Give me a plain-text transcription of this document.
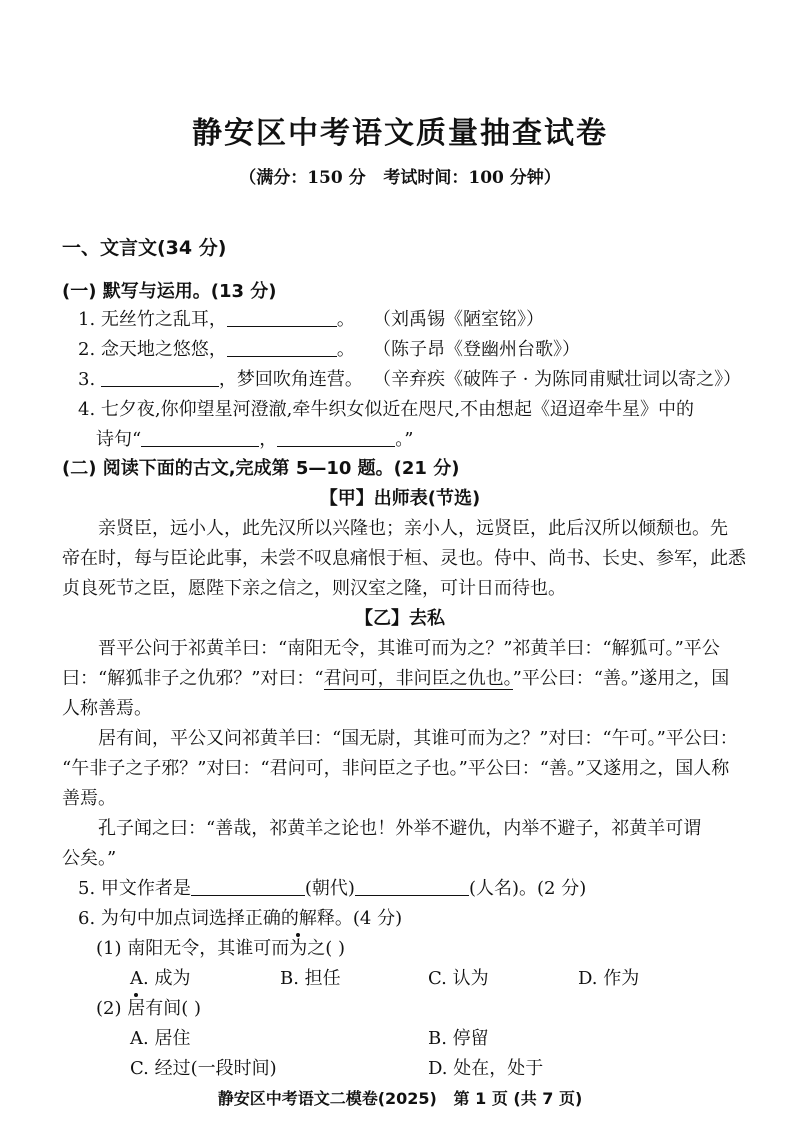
静安区中考语文质量抽查试卷
（满分：150 分   考试时间：100 分钟）
一、文言文(34 分)
(一) 默写与运用。(13 分)
1. 无丝竹之乱耳，	。 （刘禹锡《陋室铭》）
2. 念天地之悠悠，	。 （陈子昂《登幽州台歌》）
3.	，梦回吹角连营。 （辛弃疾《破阵子 · 为陈同甫赋壮词以寄之》）
4. 七夕夜,你仰望星河澄澈,牵牛织女似近在咫尺,不由想起《迢迢牵牛星》中的
诗句“	，	。”
(二) 阅读下面的古文,完成第 5—10 题。(21 分)
【甲】出师表(节选)
亲贤臣，远小人，此先汉所以兴隆也；亲小人，远贤臣，此后汉所以倾颓也。先
帝在时，每与臣论此事，未尝不叹息痛恨于桓、灵也。侍中、尚书、长史、参军，此悉
贞良死节之臣，愿陛下亲之信之，则汉室之隆，可计日而待也。
【乙】去私
晋平公问于祁黄羊曰：“南阳无令，其谁可而为之？”祁黄羊曰：“解狐可。”平公
曰：“解狐非子之仇邪？”对曰：“君问可，非问臣之仇也。”平公曰：“善。”遂用之，国
人称善焉。
居有间，平公又问祁黄羊曰：“国无尉，其谁可而为之？”对曰：“午可。”平公曰：
“午非子之子邪？”对曰：“君问可，非问臣之子也。”平公曰：“善。”又遂用之，国人称
善焉。
孔子闻之曰：“善哉，祁黄羊之论也！外举不避仇，内举不避子，祁黄羊可谓
公矣。”
5. 甲文作者是	(朝代)	(人名)。(2 分)
6. 为句中加点词选择正确的解释。(4 分)
(1) 南阳无令，其谁可而为之( )
A. 成为	B. 担任	C. 认为	D. 作为
(2) 居有间( )
A. 居住	B. 停留
C. 经过(一段时间)	D. 处在，处于
静安区中考语文二模卷(2025)   第 1 页 (共 7 页)
